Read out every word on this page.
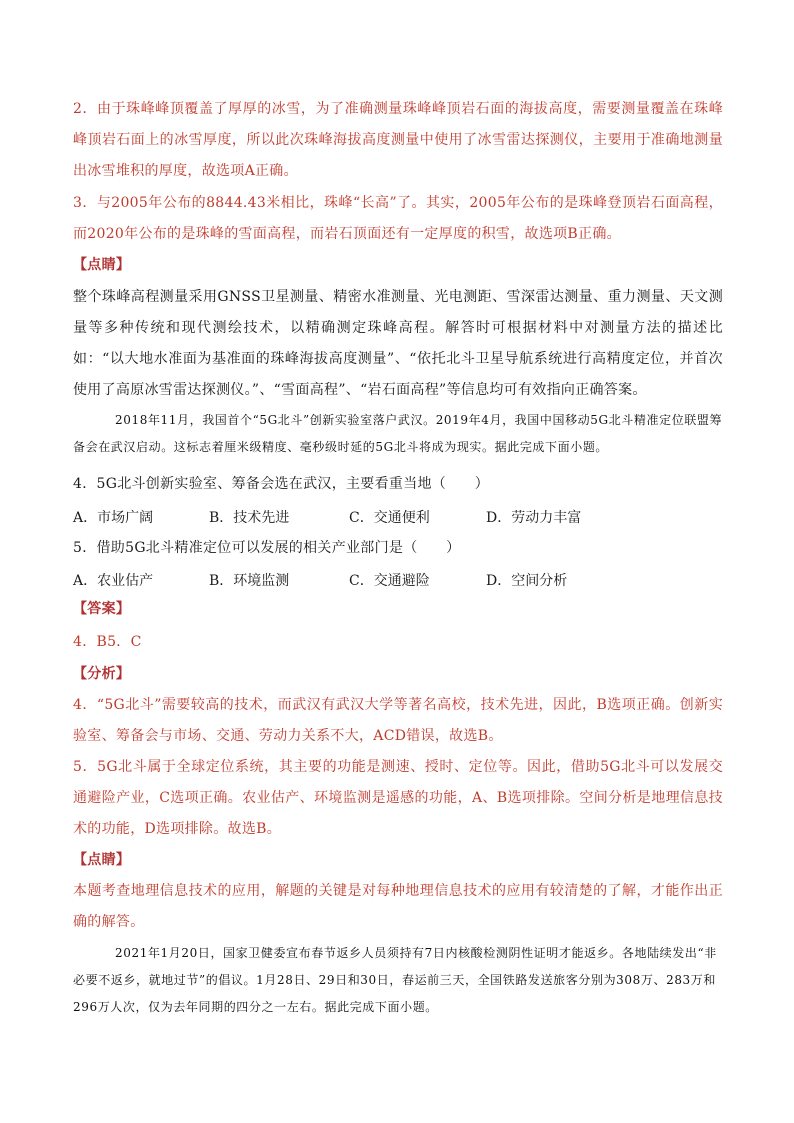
2．由于珠峰峰顶覆盖了厚厚的冰雪，为了准确测量珠峰峰顶岩石面的海拔高度，需要测量覆盖在珠峰峰顶岩石面上的冰雪厚度，所以此次珠峰海拔高度测量中使用了冰雪雷达探测仪，主要用于准确地测量出冰雪堆积的厚度，故选项A正确。
3．与2005年公布的8844.43米相比，珠峰“长高”了。其实，2005年公布的是珠峰登顶岩石面高程，而2020年公布的是珠峰的雪面高程，而岩石顶面还有一定厚度的积雪，故选项B正确。
【点睛】
整个珠峰高程测量采用GNSS卫星测量、精密水准测量、光电测距、雪深雷达测量、重力测量、天文测量等多种传统和现代测绘技术，以精确测定珠峰高程。解答时可根据材料中对测量方法的描述比如：“以大地水准面为基准面的珠峰海拔高度测量”、“依托北斗卫星导航系统进行高精度定位，并首次使用了高原冰雪雷达探测仪。”、“雪面高程”、“岩石面高程”等信息均可有效指向正确答案。
2018年11月，我国首个“5G北斗”创新实验室落户武汉。2019年4月，我国中国移动5G北斗精准定位联盟筹备会在武汉启动。这标志着厘米级精度、毫秒级时延的5G北斗将成为现实。据此完成下面小题。
4．5G北斗创新实验室、筹备会选在武汉，主要看重当地（　　）
A．市场广阔	B．技术先进	C．交通便利	D．劳动力丰富
5．借助5G北斗精准定位可以发展的相关产业部门是（　　）
A．农业估产	B．环境监测	C．交通避险	D．空间分析
【答案】
4．B5．C
【分析】
4．“5G北斗”需要较高的技术，而武汉有武汉大学等著名高校，技术先进，因此，B选项正确。创新实验室、筹备会与市场、交通、劳动力关系不大，ACD错误，故选B。
5．5G北斗属于全球定位系统，其主要的功能是测速、授时、定位等。因此，借助5G北斗可以发展交通避险产业，C选项正确。农业估产、环境监测是遥感的功能，A、B选项排除。空间分析是地理信息技术的功能，D选项排除。故选B。
【点睛】
本题考查地理信息技术的应用，解题的关键是对每种地理信息技术的应用有较清楚的了解，才能作出正确的解答。
2021年1月20日，国家卫健委宣布春节返乡人员须持有7日内核酸检测阴性证明才能返乡。各地陆续发出“非必要不返乡，就地过节”的倡议。1月28日、29日和30日，春运前三天，全国铁路发送旅客分别为308万、283万和296万人次，仅为去年同期的四分之一左右。据此完成下面小题。
